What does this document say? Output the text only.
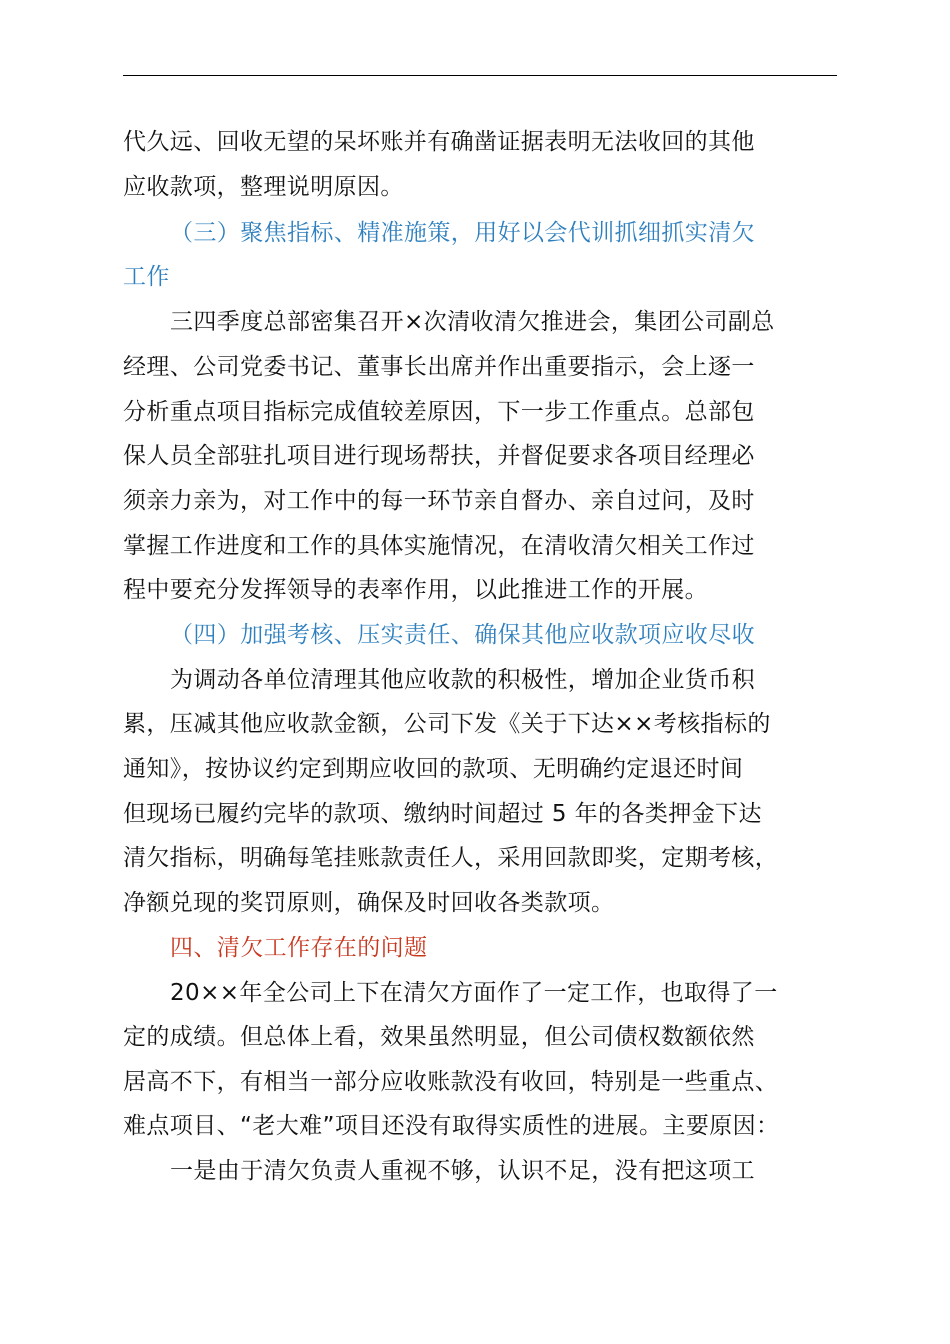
代久远、回收无望的呆坏账并有确凿证据表明无法收回的其他

应收款项，整理说明原因。

（三）聚焦指标、精准施策，用好以会代训抓细抓实清欠

工作

三四季度总部密集召开×次清收清欠推进会，集团公司副总

经理、公司党委书记、董事长出席并作出重要指示，会上逐一

分析重点项目指标完成值较差原因，下一步工作重点。总部包

保人员全部驻扎项目进行现场帮扶，并督促要求各项目经理必

须亲力亲为，对工作中的每一环节亲自督办、亲自过问，及时

掌握工作进度和工作的具体实施情况，在清收清欠相关工作过

程中要充分发挥领导的表率作用，以此推进工作的开展。

（四）加强考核、压实责任、确保其他应收款项应收尽收

为调动各单位清理其他应收款的积极性，增加企业货币积

累，压减其他应收款金额，公司下发《关于下达××考核指标的

通知》，按协议约定到期应收回的款项、无明确约定退还时间

但现场已履约完毕的款项、缴纳时间超过 5 年的各类押金下达

清欠指标，明确每笔挂账款责任人，采用回款即奖，定期考核，

净额兑现的奖罚原则，确保及时回收各类款项。

四、清欠工作存在的问题

20××年全公司上下在清欠方面作了一定工作，也取得了一

定的成绩。但总体上看，效果虽然明显，但公司债权数额依然

居高不下，有相当一部分应收账款没有收回，特别是一些重点、

难点项目、“老大难”项目还没有取得实质性的进展。主要原因：

一是由于清欠负责人重视不够，认识不足，没有把这项工
